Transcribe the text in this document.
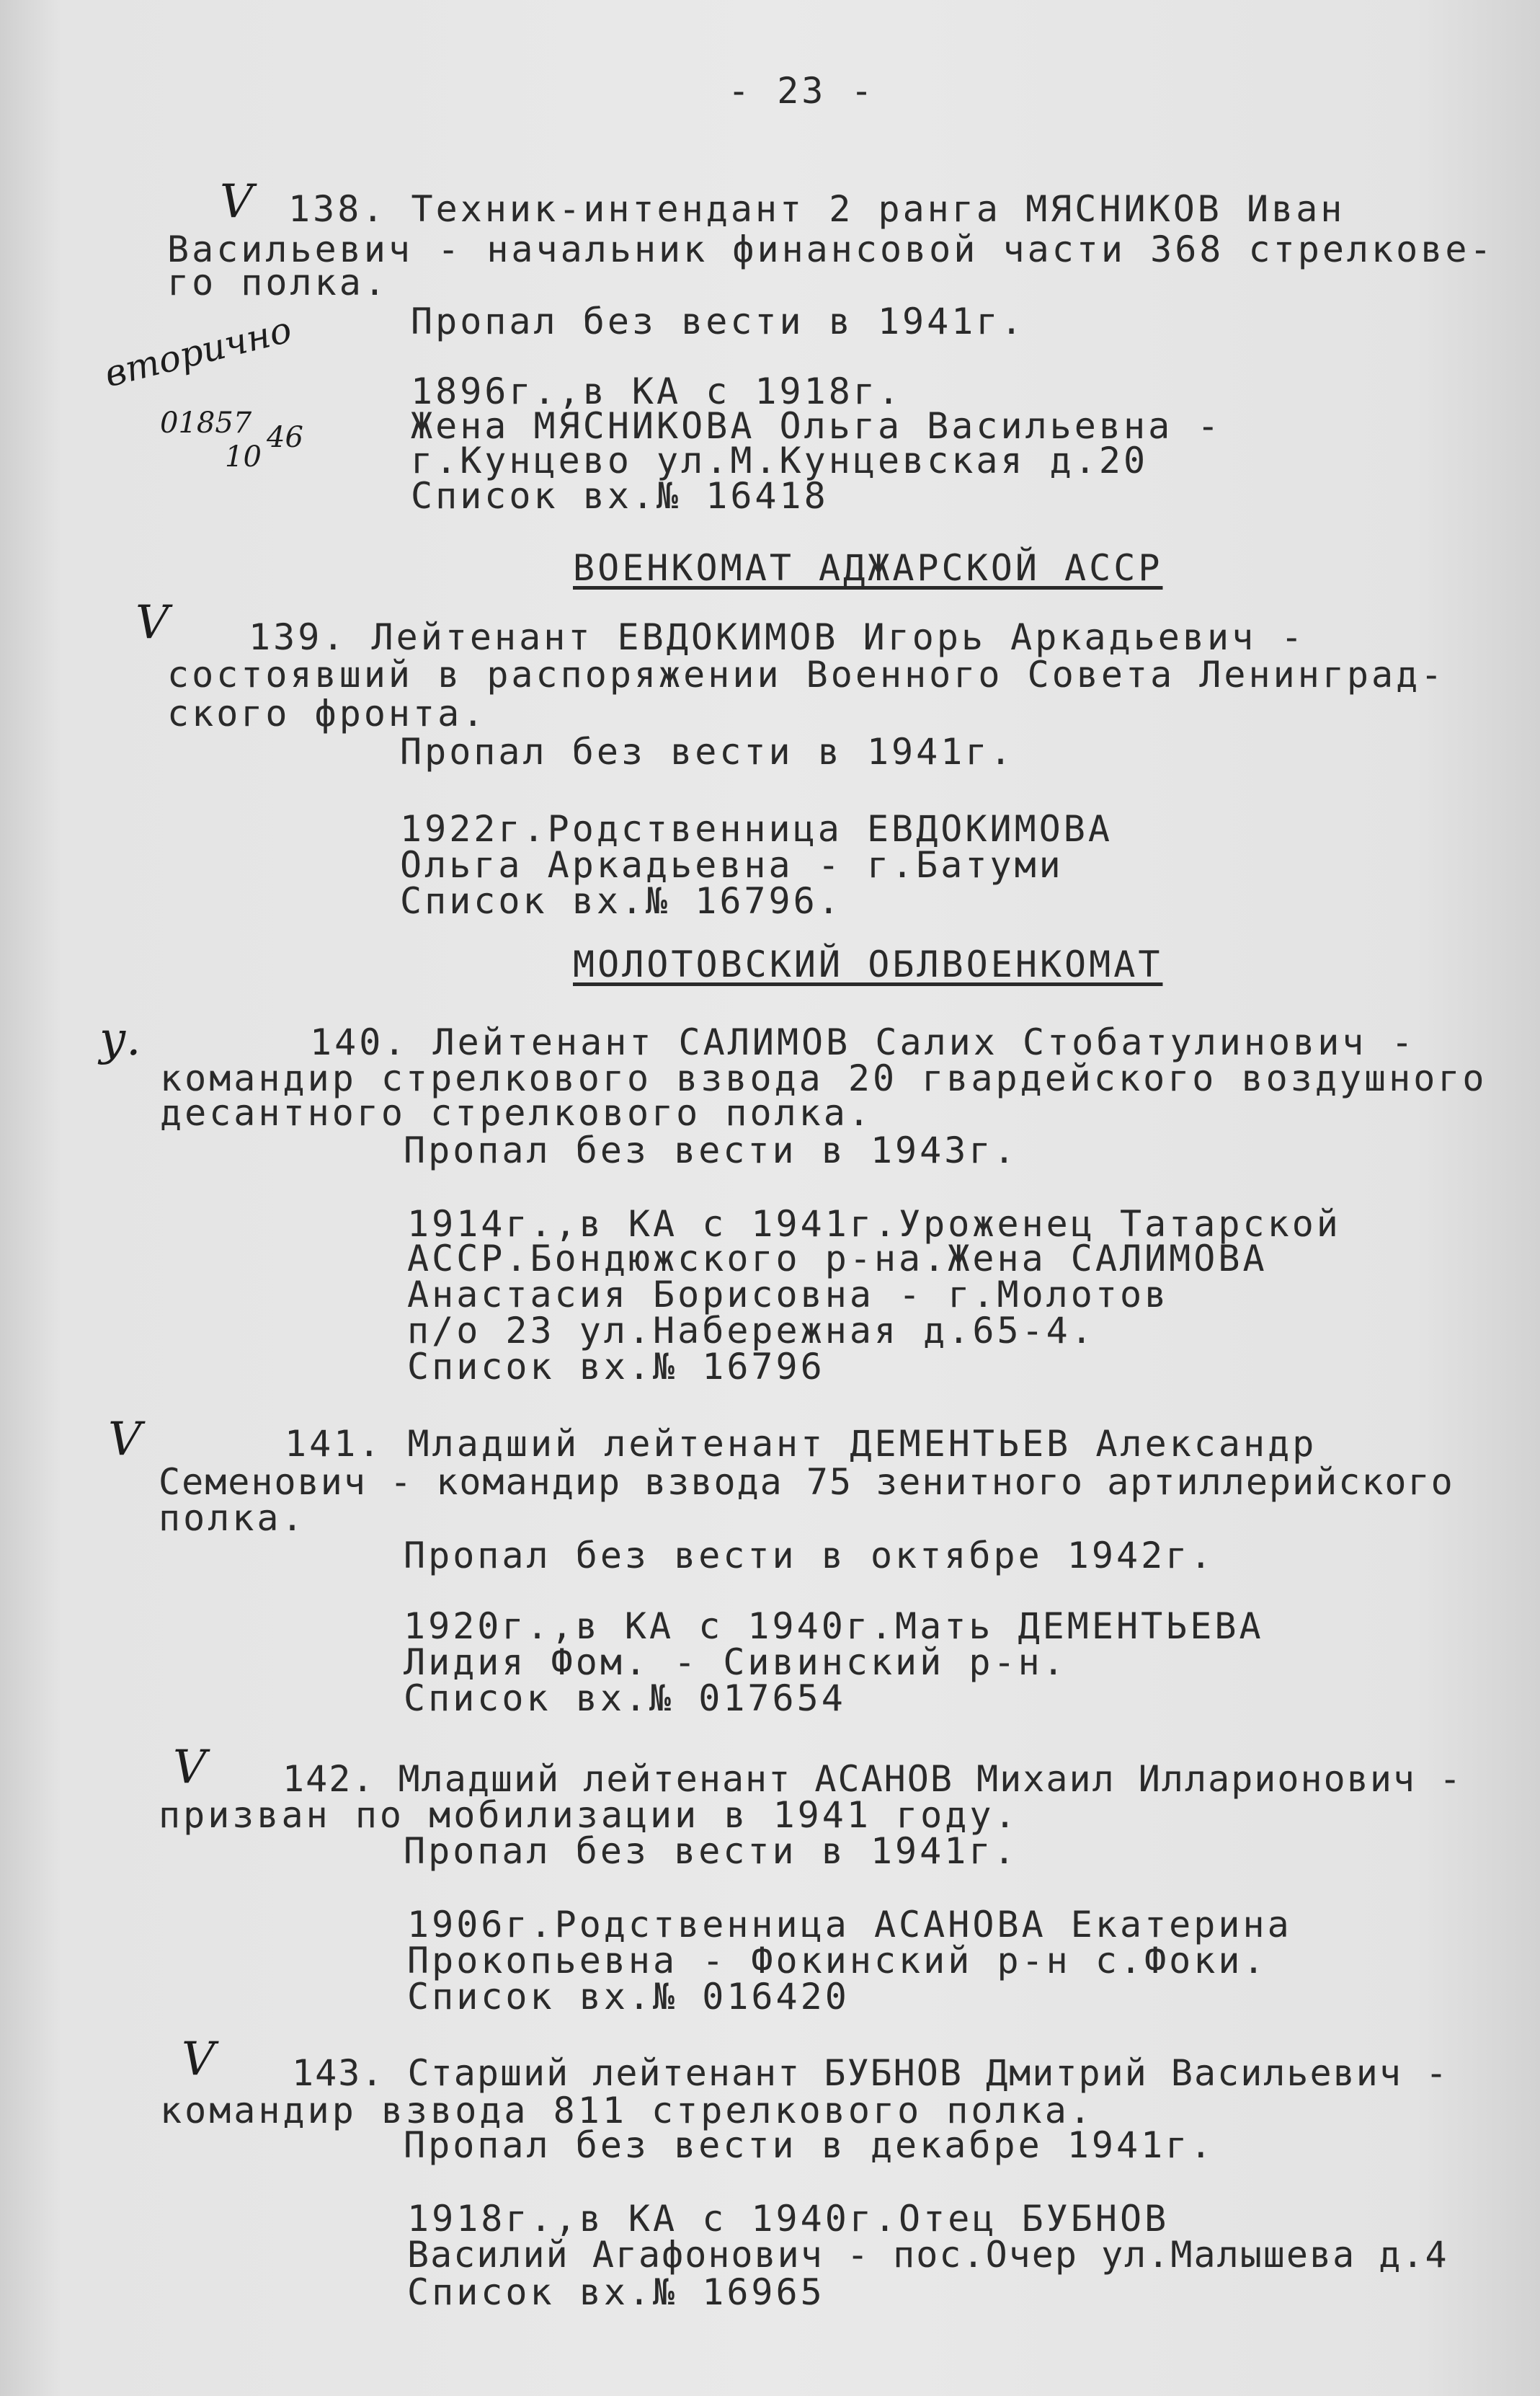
- 23 -

V

вторично

01857 46

10

138. Техник-интендант 2 ранга МЯСНИКОВ Иван

Васильевич - начальник финансовой части 368 стрелкове-

го полка.

Пропал без вести в 1941г.

1896г.,в КА с 1918г.

Жена МЯСНИКОВА Ольга Васильевна -

г.Кунцево ул.М.Кунцевская д.20

Список вх.№ 16418

ВОЕНКОМАТ АДЖАРСКОЙ АССР

V 139. Лейтенант ЕВДОКИМОВ Игорь Аркадьевич -

состоявший в распоряжении Военного Совета Ленинград-

ского фронта.

Пропал без вести в 1941г.

1922г.Родственница ЕВДОКИМОВА

Ольга Аркадьевна - г.Батуми

Список вх.№ 16796.

МОЛОТОВСКИЙ ОБЛВОЕНКОМАТ

у.	140. Лейтенант САЛИМОВ Салих Стобатулинович -

командир стрелкового взвода 20 гвардейского воздушного

десантного стрелкового полка.

Пропал без вести в 1943г.

1914г.,в КА с 1941г.Уроженец Татарской

АССР.Бондюжского р-на.Жена САЛИМОВА

Анастасия Борисовна - г.Молотов

п/о 23 ул.Набережная д.65-4.

Список вх.№ 16796

V	141. Младший лейтенант ДЕМЕНТЬЕВ Александр

Семенович - командир взвода 75 зенитного артиллерийского

полка.

Пропал без вести в октябре 1942г.

1920г.,в КА с 1940г.Мать ДЕМЕНТЬЕВА

Лидия Фом. - Сивинский р-н.

Список вх.№ 017654

V 142. Младший лейтенант АСАНОВ Михаил Илларионович -

призван по мобилизации в 1941 году.

Пропал без вести в 1941г.

1906г.Родственница АСАНОВА Екатерина

Прокопьевна - Фокинский р-н с.Фоки.

Список вх.№ 016420

V 143. Старший лейтенант БУБНОВ Дмитрий Васильевич -

командир взвода 811 стрелкового полка.

Пропал без вести в декабре 1941г.

1918г.,в КА с 1940г.Отец БУБНОВ

Василий Агафонович - пос.Очер ул.Малышева д.4

Список вх.№ 16965
